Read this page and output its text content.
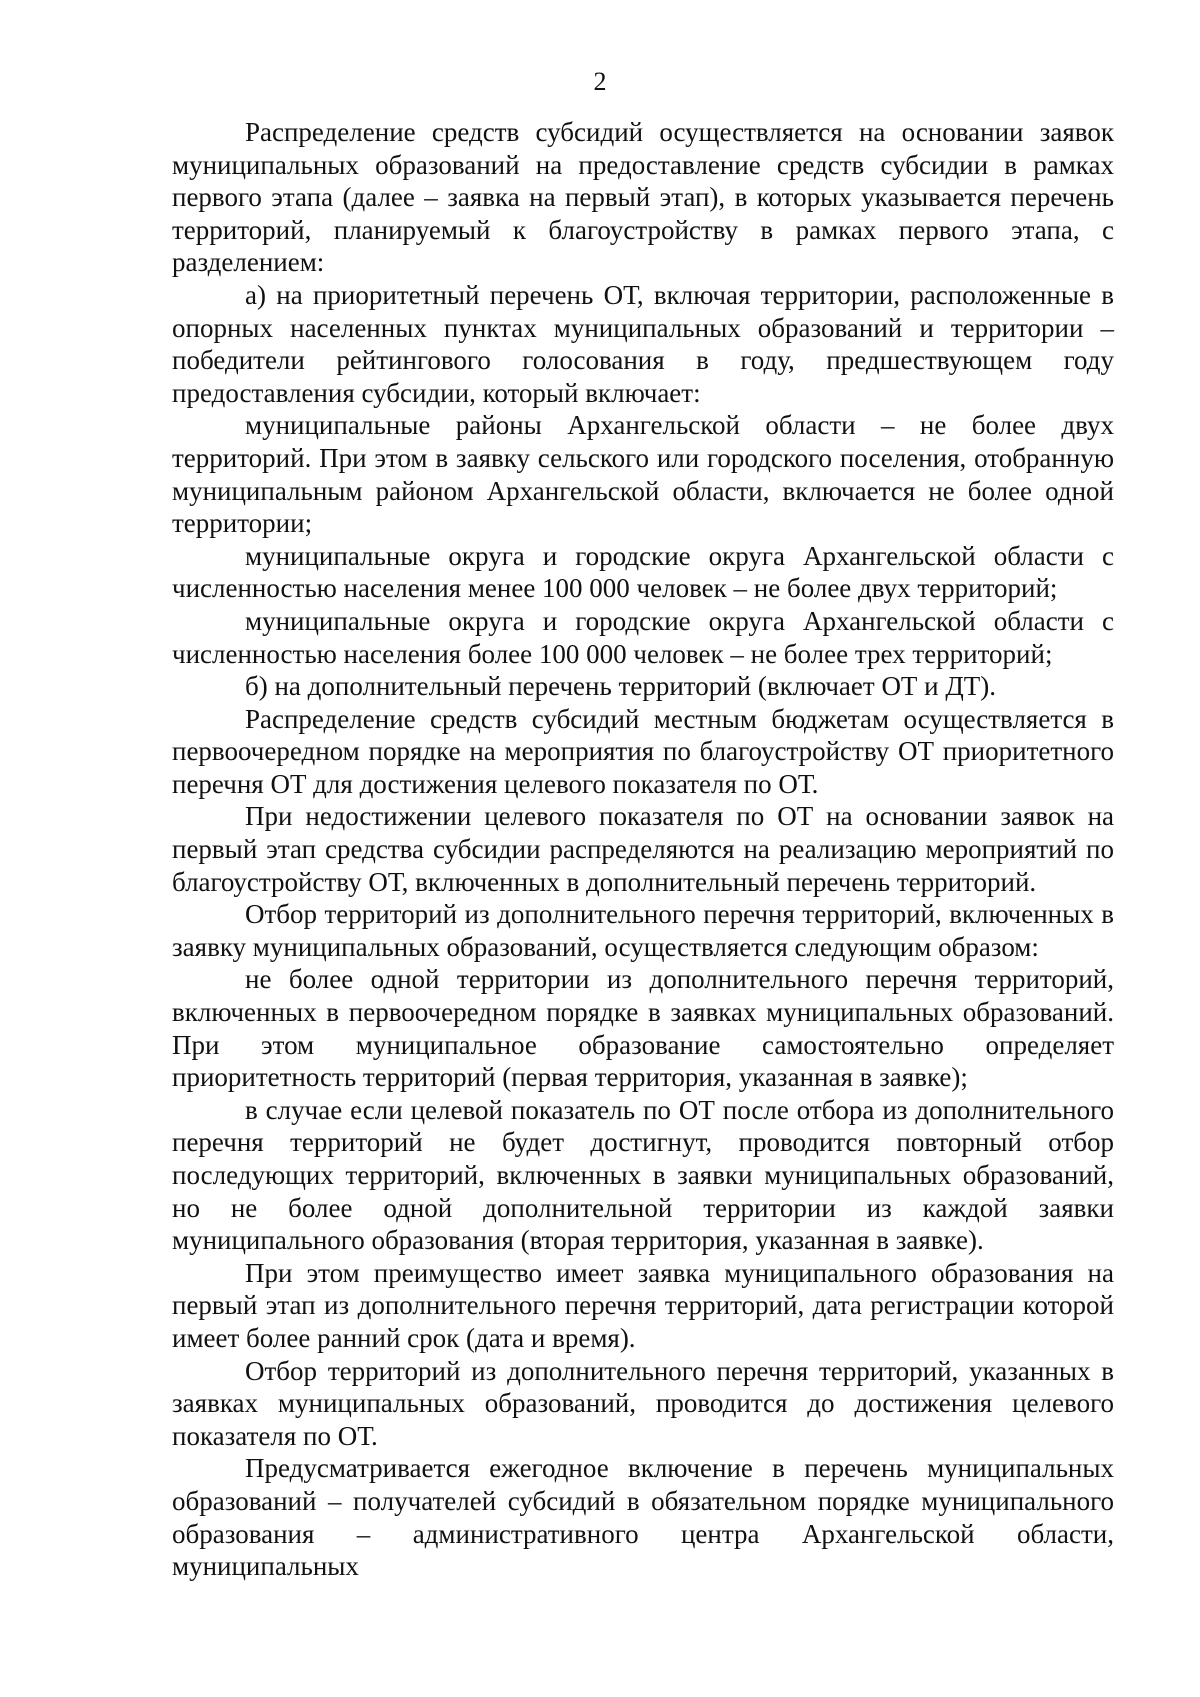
2

Распределение средств субсидий осуществляется на основании заявок муниципальных образований на предоставление средств субсидии в рамках первого этапа (далее – заявка на первый этап), в которых указывается перечень территорий, планируемый к благоустройству в рамках первого этапа, с разделением:

а) на приоритетный перечень ОТ, включая территории, расположенные в опорных населенных пунктах муниципальных образований и территории – победители рейтингового голосования в году, предшествующем году предоставления субсидии, который включает:

муниципальные районы Архангельской области – не более двух территорий. При этом в заявку сельского или городского поселения, отобранную муниципальным районом Архангельской области, включается не более одной территории;

муниципальные округа и городские округа Архангельской области с численностью населения менее 100 000 человек – не более двух территорий;

муниципальные округа и городские округа Архангельской области с численностью населения более 100 000 человек – не более трех территорий;

б) на дополнительный перечень территорий (включает ОТ и ДТ).

Распределение средств субсидий местным бюджетам осуществляется в первоочередном порядке на мероприятия по благоустройству ОТ приоритетного перечня ОТ для достижения целевого показателя по ОТ.

При недостижении целевого показателя по ОТ на основании заявок на первый этап средства субсидии распределяются на реализацию мероприятий по благоустройству ОТ, включенных в дополнительный перечень территорий.

Отбор территорий из дополнительного перечня территорий, включенных в заявку муниципальных образований, осуществляется следующим образом:

не более одной территории из дополнительного перечня территорий, включенных в первоочередном порядке в заявках муниципальных образований. При этом муниципальное образование самостоятельно определяет приоритетность территорий (первая территория, указанная в заявке);

в случае если целевой показатель по ОТ после отбора из дополнительного перечня территорий не будет достигнут, проводится повторный отбор последующих территорий, включенных в заявки муниципальных образований, но не более одной дополнительной территории из каждой заявки муниципального образования (вторая территория, указанная в заявке).

При этом преимущество имеет заявка муниципального образования на первый этап из дополнительного перечня территорий, дата регистрации которой имеет более ранний срок (дата и время).

Отбор территорий из дополнительного перечня территорий, указанных в заявках муниципальных образований, проводится до достижения целевого показателя по ОТ.

Предусматривается ежегодное включение в перечень муниципальных образований – получателей субсидий в обязательном порядке муниципального образования – административного центра Архангельской области, муниципальных
